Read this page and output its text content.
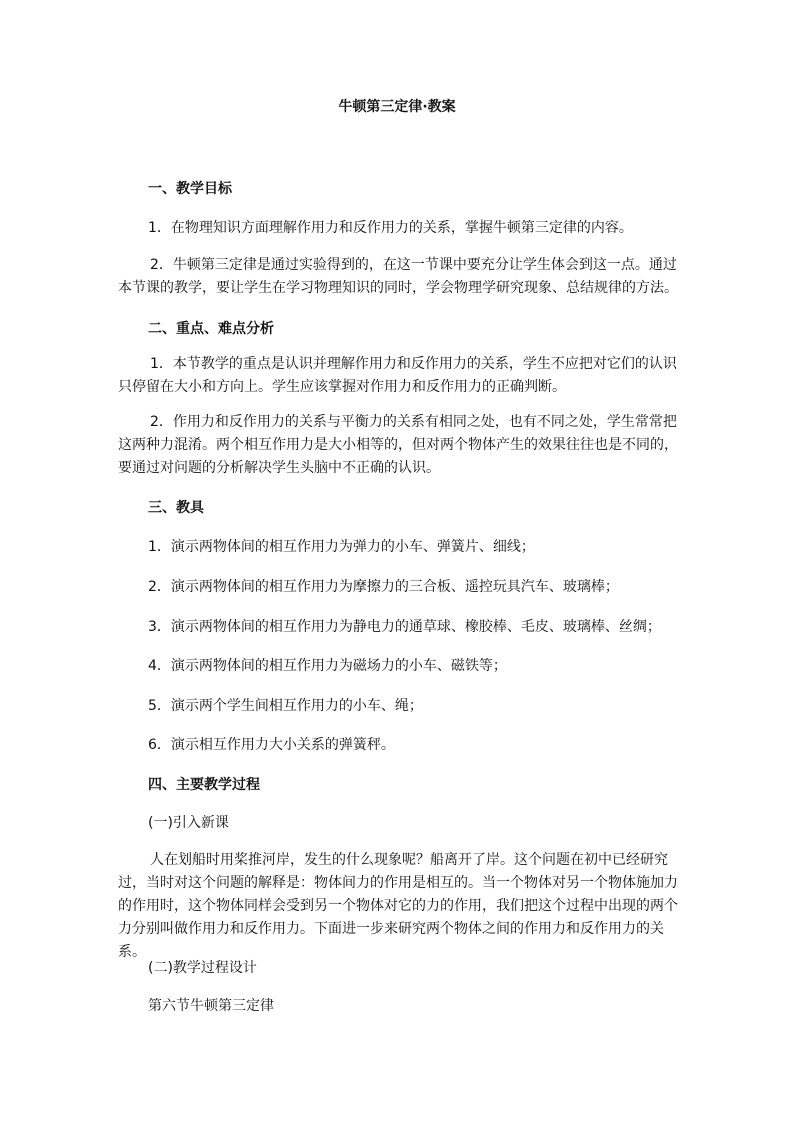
牛顿第三定律·教案
一、教学目标
1．在物理知识方面理解作用力和反作用力的关系，掌握牛顿第三定律的内容。
2．牛顿第三定律是通过实验得到的，在这一节课中要充分让学生体会到这一点。通过本节课的教学，要让学生在学习物理知识的同时，学会物理学研究现象、总结规律的方法。
二、重点、难点分析
1．本节教学的重点是认识并理解作用力和反作用力的关系，学生不应把对它们的认识只停留在大小和方向上。学生应该掌握对作用力和反作用力的正确判断。
2．作用力和反作用力的关系与平衡力的关系有相同之处，也有不同之处，学生常常把这两种力混淆。两个相互作用力是大小相等的，但对两个物体产生的效果往往也是不同的，要通过对问题的分析解决学生头脑中不正确的认识。
三、教具
1．演示两物体间的相互作用力为弹力的小车、弹簧片、细线；
2．演示两物体间的相互作用力为摩擦力的三合板、遥控玩具汽车、玻璃棒；
3．演示两物体间的相互作用力为静电力的通草球、橡胶棒、毛皮、玻璃棒、丝绸；
4．演示两物体间的相互作用力为磁场力的小车、磁铁等；
5．演示两个学生间相互作用力的小车、绳；
6．演示相互作用力大小关系的弹簧秤。
四、主要教学过程
(一)引入新课
人在划船时用桨推河岸，发生的什么现象呢？船离开了岸。这个问题在初中已经研究过，当时对这个问题的解释是：物体间力的作用是相互的。当一个物体对另一个物体施加力的作用时，这个物体同样会受到另一个物体对它的力的作用，我们把这个过程中出现的两个力分别叫做作用力和反作用力。下面进一步来研究两个物体之间的作用力和反作用力的关系。
(二)教学过程设计
第六节牛顿第三定律
